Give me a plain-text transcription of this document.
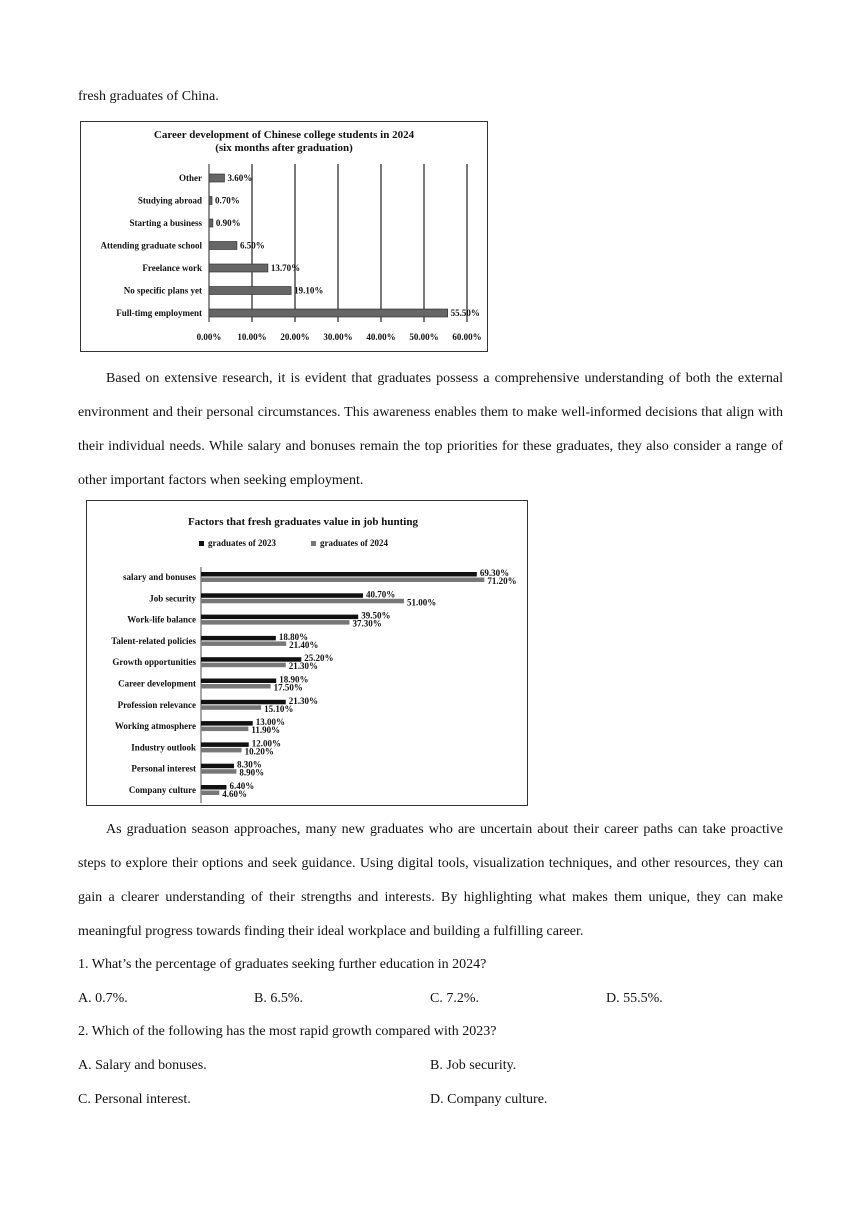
fresh graduates of China.
Career development of Chinese college students in 2024
(six months after graduation)
0.00% 10.00% 20.00% 30.00% 40.00% 50.00% 60.00%
Other	3.60%
Studying abroad 0.70%
Starting a business 0.90%
Attending graduate school	6.50%
Freelance work	13.70%
No specific plans yet	19.10%
Full-timg employment	55.50%
Based on extensive research, it is evident that graduates possess a comprehensive understanding of both the external environment and their personal circumstances. This awareness enables them to make well-informed decisions that align with their individual needs. While salary and bonuses remain the top priorities for these graduates, they also consider a range of other important factors when seeking employment.
Factors that fresh graduates value in job hunting
graduates of 2023	graduates of 2024
salary and bonuses	69.30%
71.20%
Job security	40.70%
51.00%
Work-life balance	39.50%
37.30%
Talent-related policies	18.80%
21.40%
Growth opportunities	25.20%
21.30%
Career development	18.90%
17.50%
Profession relevance	21.30%
15.10%
Working atmosphere	13.00%
11.90%
Industry outlook	12.00%
10.20%
Personal interest	8.30%
8.90%
Company culture	6.40%
4.60%
As graduation season approaches, many new graduates who are uncertain about their career paths can take proactive steps to explore their options and seek guidance. Using digital tools, visualization techniques, and other resources, they can gain a clearer understanding of their strengths and interests. By highlighting what makes them unique, they can make meaningful progress towards finding their ideal workplace and building a fulfilling career.
1. What’s the percentage of graduates seeking further education in 2024?
A. 0.7%.	B. 6.5%.	C. 7.2%.	D. 55.5%.
2. Which of the following has the most rapid growth compared with 2023?
A. Salary and bonuses.	B. Job security.
C. Personal interest.	D. Company culture.
